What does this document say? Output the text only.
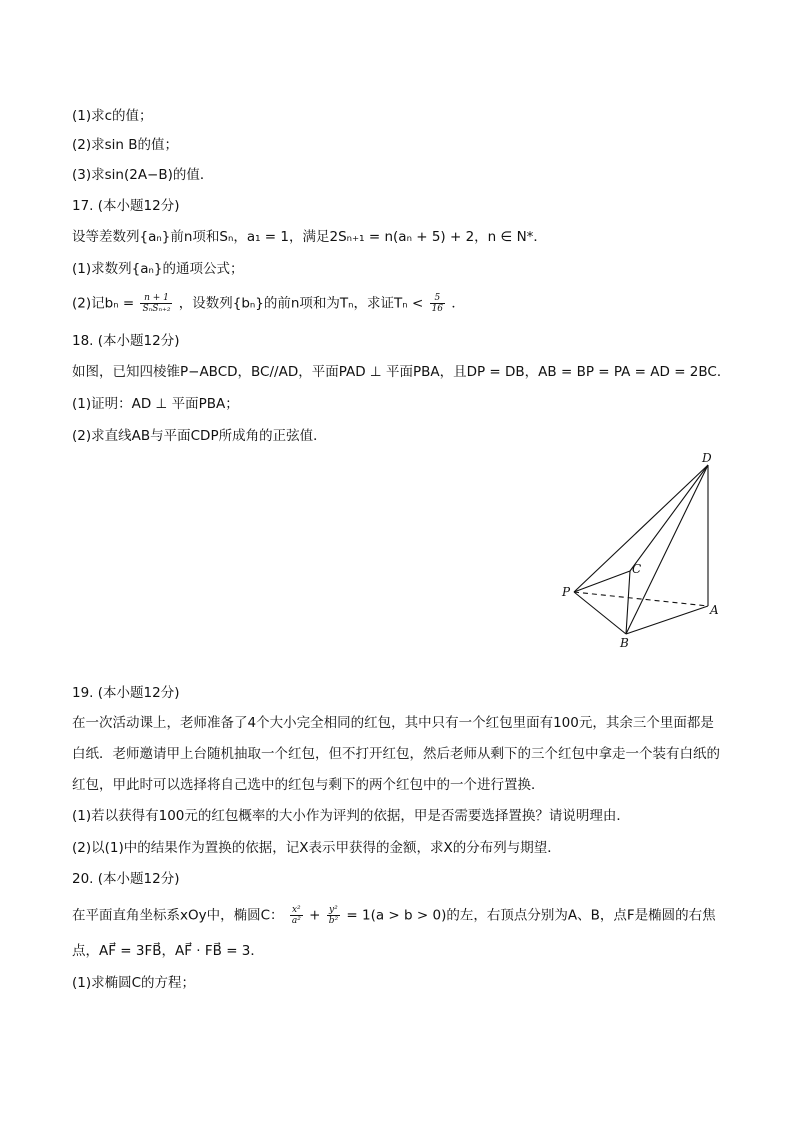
(1)求c的值；
(2)求sin B的值；
(3)求sin(2A−B)的值．
17. (本小题12分)
设等差数列{aₙ}前n项和Sₙ，a₁ = 1，满足2Sₙ₊₁ = n(aₙ + 5) + 2，n ∈ N*．
(1)求数列{aₙ}的通项公式；
(2)记$b_n = \frac{n + 1}{\text{SₙSₙ₊₂}}$ ，设数列{bₙ}的前n项和为Tₙ，求证$T_n < \frac{5}{16}$ ．
18. (本小题12分)
如图，已知四棱锥P−ABCD，BC//AD，平面PAD ⊥ 平面PBA，且DP = DB，AB = BP = PA = AD = 2BC．
(1)证明：AD ⊥ 平面PBA；
(2)求直线AB与平面CDP所成角的正弦值．
D
C
P
A
B
19. (本小题12分)
在一次活动课上，老师准备了4个大小完全相同的红包，其中只有一个红包里面有100元，其余三个里面都是白纸．老师邀请甲上台随机抽取一个红包，但不打开红包，然后老师从剩下的三个红包中拿走一个装有白纸的红包，甲此时可以选择将自己选中的红包与剩下的两个红包中的一个进行置换．
(1)若以获得有100元的红包概率的大小作为评判的依据，甲是否需要选择置换？请说明理由．
(2)以(1)中的结果作为置换的依据，记X表示甲获得的金额，求X的分布列与期望．
20. (本小题12分)
在平面直角坐标系xOy中，椭圆C： $\frac{\text{x²}}{\text{a²}} + \frac{\text{y²}}{\text{b²}} = 1(a > b > 0)$的左，右顶点分别为A、B，点F是椭圆的右焦
点，AF⃗ = 3FB⃗，AF⃗ · FB⃗ = 3．
(1)求椭圆C的方程；
